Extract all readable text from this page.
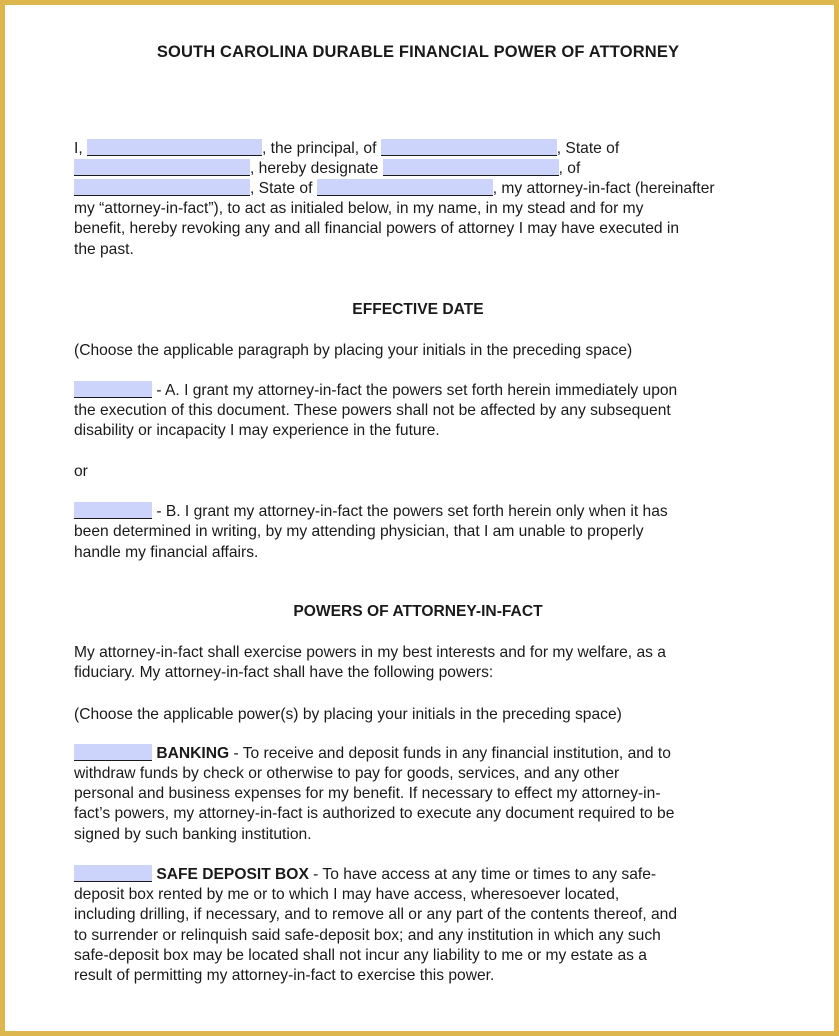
SOUTH CAROLINA DURABLE FINANCIAL POWER OF ATTORNEY
I,	, the principal, of	, State of
, hereby designate	, of
, State of	, my attorney-in-fact (hereinafter
my “attorney-in-fact”), to act as initialed below, in my name, in my stead and for my
benefit, hereby revoking any and all financial powers of attorney I may have executed in
the past.
EFFECTIVE DATE
(Choose the applicable paragraph by placing your initials in the preceding space)
- A. I grant my attorney-in-fact the powers set forth herein immediately upon
the execution of this document. These powers shall not be affected by any subsequent
disability or incapacity I may experience in the future.
or
- B. I grant my attorney-in-fact the powers set forth herein only when it has
been determined in writing, by my attending physician, that I am unable to properly
handle my financial affairs.
POWERS OF ATTORNEY-IN-FACT
My attorney-in-fact shall exercise powers in my best interests and for my welfare, as a
fiduciary. My attorney-in-fact shall have the following powers:
(Choose the applicable power(s) by placing your initials in the preceding space)
BANKING - To receive and deposit funds in any financial institution, and to
withdraw funds by check or otherwise to pay for goods, services, and any other
personal and business expenses for my benefit. If necessary to effect my attorney-in-
fact’s powers, my attorney-in-fact is authorized to execute any document required to be
signed by such banking institution.
SAFE DEPOSIT BOX - To have access at any time or times to any safe-
deposit box rented by me or to which I may have access, wheresoever located,
including drilling, if necessary, and to remove all or any part of the contents thereof, and
to surrender or relinquish said safe-deposit box; and any institution in which any such
safe-deposit box may be located shall not incur any liability to me or my estate as a
result of permitting my attorney-in-fact to exercise this power.
